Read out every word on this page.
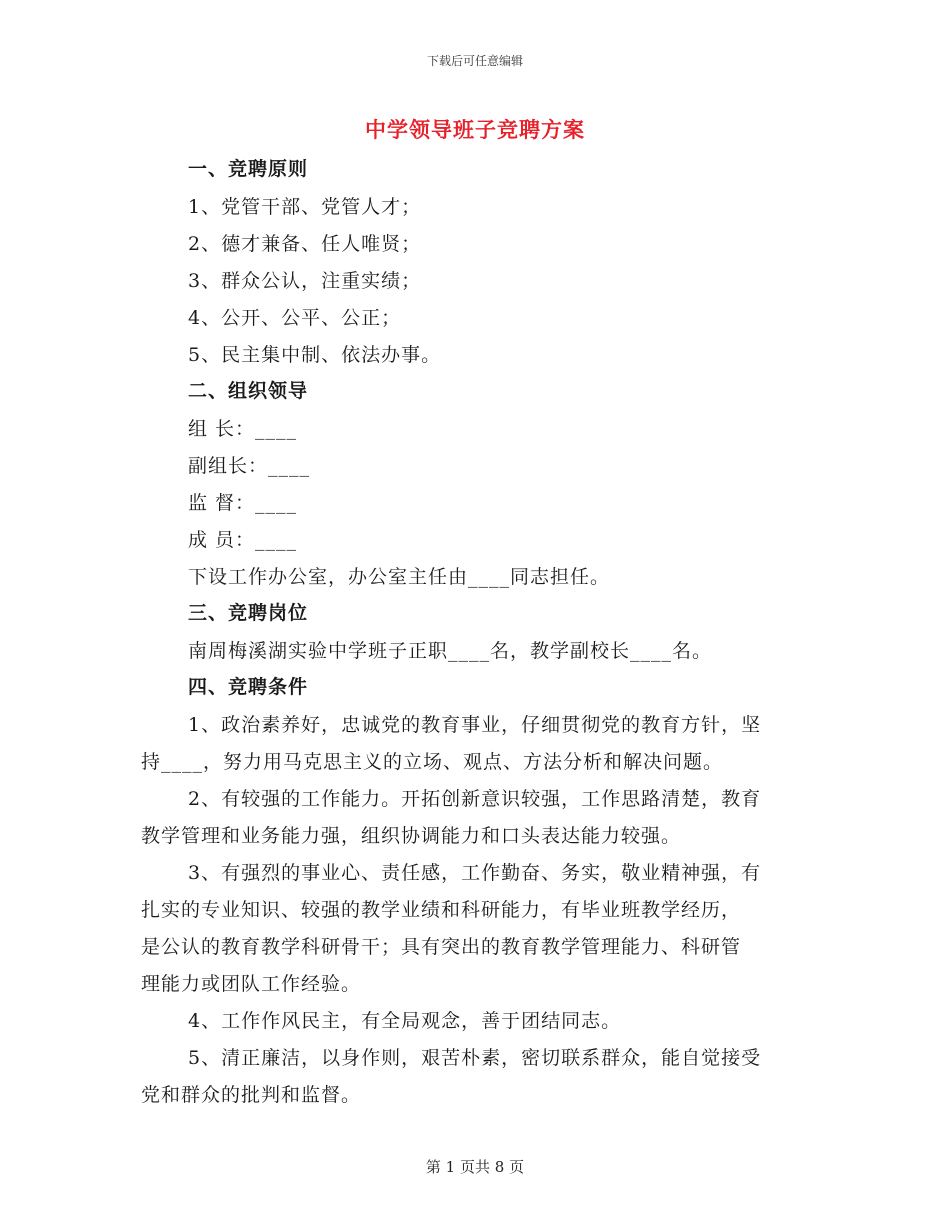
下载后可任意编辑
中学领导班子竞聘方案
一、竞聘原则
1、党管干部、党管人才；
2、德才兼备、任人唯贤；
3、群众公认，注重实绩；
4、公开、公平、公正；
5、民主集中制、依法办事。
二、组织领导
组 长：____
副组长：____
监 督：____
成 员：____
下设工作办公室，办公室主任由____同志担任。
三、竞聘岗位
南周梅溪湖实验中学班子正职____名，教学副校长____名。
四、竞聘条件
1、政治素养好，忠诚党的教育事业，仔细贯彻党的教育方针，坚
持____，努力用马克思主义的立场、观点、方法分析和解决问题。
2、有较强的工作能力。开拓创新意识较强，工作思路清楚，教育
教学管理和业务能力强，组织协调能力和口头表达能力较强。
3、有强烈的事业心、责任感，工作勤奋、务实，敬业精神强，有
扎实的专业知识、较强的教学业绩和科研能力，有毕业班教学经历，
是公认的教育教学科研骨干；具有突出的教育教学管理能力、科研管
理能力或团队工作经验。
4、工作作风民主，有全局观念，善于团结同志。
5、清正廉洁，以身作则，艰苦朴素，密切联系群众，能自觉接受
党和群众的批判和监督。
第 1 页共 8 页
